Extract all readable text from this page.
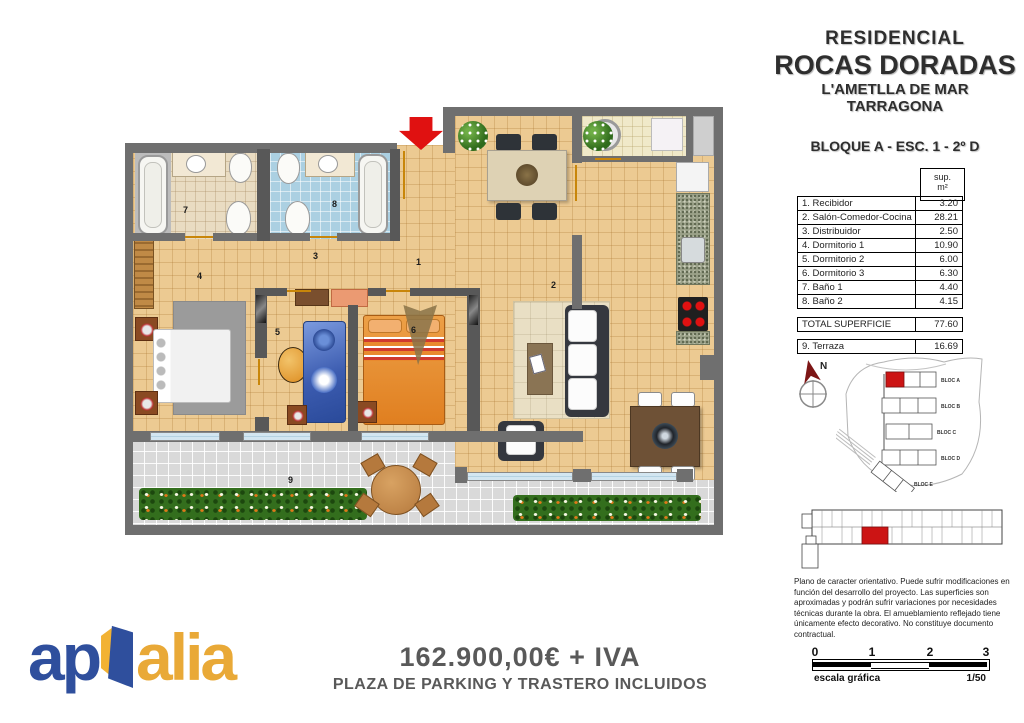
1
2
3
4
5	6
7
8
9
RESIDENCIAL
ROCAS DORADAS
L'AMETLLA DE MAR
TARRAGONA
BLOQUE A - ESC. 1 - 2º D
sup.
m²
1. Recibidor	3.20
2. Salón-Comedor-Cocina	28.21
3. Distribuidor	2.50
4. Dormitorio 1	10.90
5. Dormitorio 2	6.00
6. Dormitorio 3	6.30
7. Baño 1	4.40
8. Baño 2	4.15
TOTAL SUPERFICIE	77.60
9. Terraza	16.69
N
BLOC A
BLOC B
BLOC C
BLOC D
BLOC E
Plano de caracter orientativo. Puede sufrir modificaciones en función del desarrollo del proyecto. Las superficies son aproximadas y podrán sufrir variaciones por necesidades técnicas durante la obra. El amueblamiento reflejado tiene únicamente efecto decorativo. No constituye documento contractual.
0	1	2	3
escala gráfica	1/50
ap alia	162.900,00€ + IVA
PLAZA DE PARKING Y TRASTERO INCLUIDOS
